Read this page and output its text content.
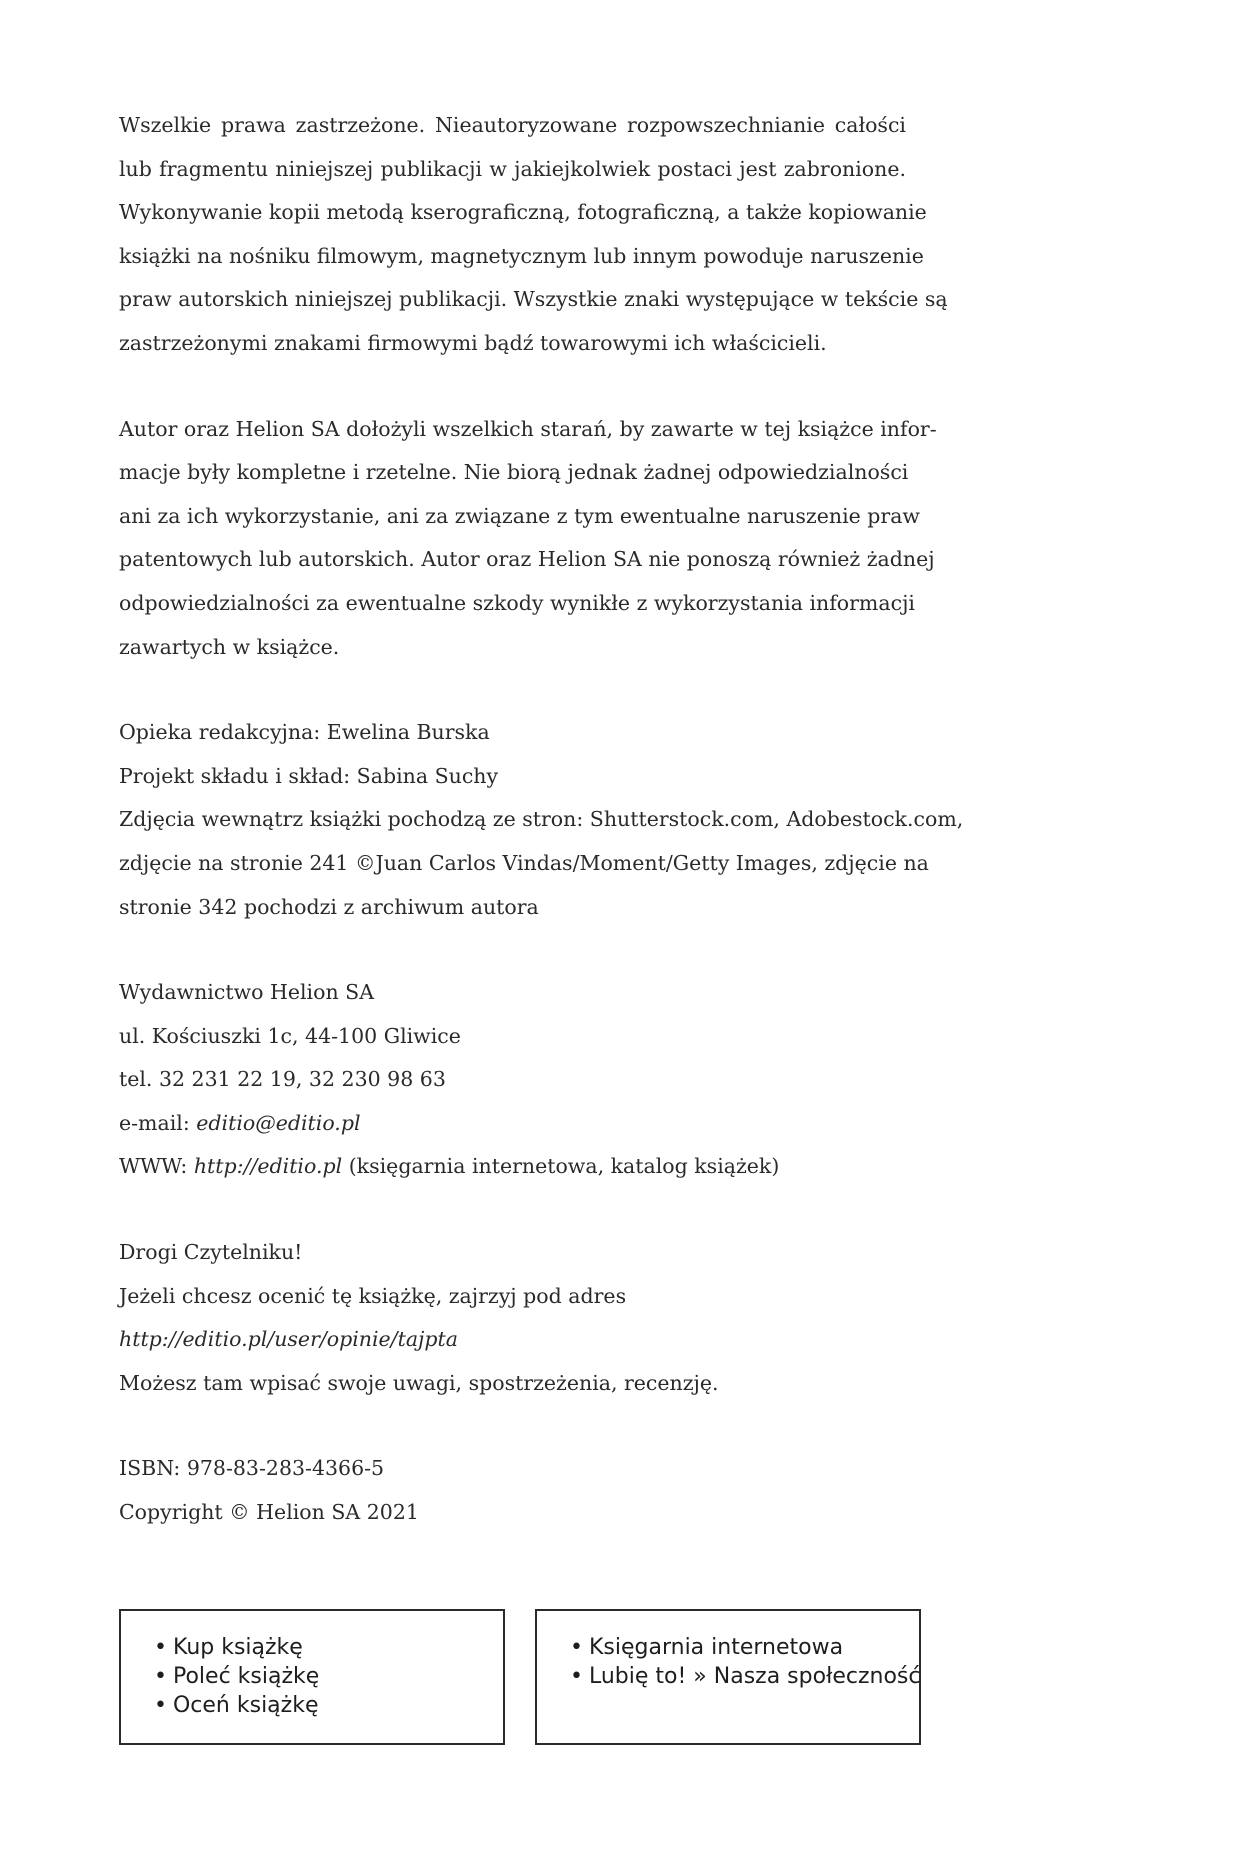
Wszelkie prawa zastrzeżone. Nieautoryzowane rozpowszechnianie całości
lub fragmentu niniejszej publikacji w jakiejkolwiek postaci jest zabronione.
Wykonywanie kopii metodą kserograficzną, fotograficzną, a także kopiowanie
książki na nośniku filmowym, magnetycznym lub innym powoduje naruszenie
praw autorskich niniejszej publikacji. Wszystkie znaki występujące w tekście są
zastrzeżonymi znakami firmowymi bądź towarowymi ich właścicieli.

Autor oraz Helion SA dołożyli wszelkich starań, by zawarte w tej książce infor-
macje były kompletne i rzetelne. Nie biorą jednak żadnej odpowiedzialności
ani za ich wykorzystanie, ani za związane z tym ewentualne naruszenie praw
patentowych lub autorskich. Autor oraz Helion SA nie ponoszą również żadnej
odpowiedzialności za ewentualne szkody wynikłe z wykorzystania informacji
zawartych w książce.

Opieka redakcyjna: Ewelina Burska
Projekt składu i skład: Sabina Suchy
Zdjęcia wewnątrz książki pochodzą ze stron: Shutterstock.com, Adobestock.com,
zdjęcie na stronie 241 ©Juan Carlos Vindas/Moment/Getty Images, zdjęcie na
stronie 342 pochodzi z archiwum autora

Wydawnictwo Helion SA
ul. Kościuszki 1c, 44-100 Gliwice
tel. 32 231 22 19, 32 230 98 63
e-mail: editio@editio.pl
WWW: http://editio.pl (księgarnia internetowa, katalog książek)

Drogi Czytelniku!
Jeżeli chcesz ocenić tę książkę, zajrzyj pod adres
http://editio.pl/user/opinie/tajpta
Możesz tam wpisać swoje uwagi, spostrzeżenia, recenzję.

ISBN: 978-83-283-4366-5
Copyright © Helion SA 2021

• Kup książkę
• Poleć książkę
• Oceń książkę
• Księgarnia internetowa
• Lubię to! » Nasza społeczność
